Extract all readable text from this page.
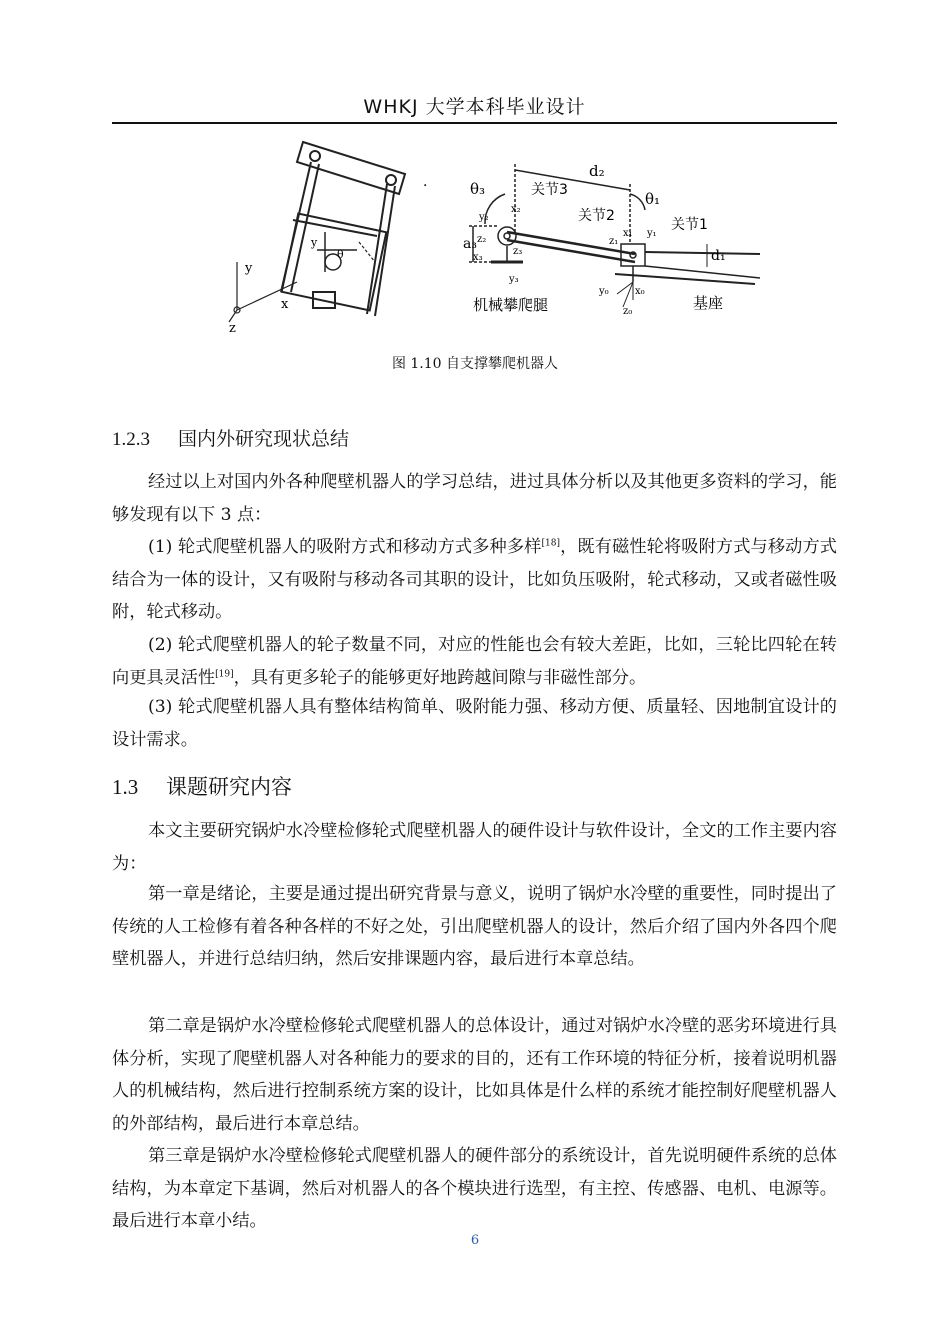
WHKJ 大学本科毕业设计
y
x
z
y
θ
·	θ₃
d₂
θ₁
关节3
关节2
关节1
y₂
x₂
z₂
z₃
x₃
y₃
a₃
x₁ y₁
z₁
d₁
y₀	x₀
z₀
机械攀爬腿	基座
图 1.10 自支撑攀爬机器人
1.2.3 国内外研究现状总结

经过以上对国内外各种爬壁机器人的学习总结，进过具体分析以及其他更多资料的学习，能够发现有以下 3 点：

(1) 轮式爬壁机器人的吸附方式和移动方式多种多样[18]，既有磁性轮将吸附方式与移动方式结合为一体的设计，又有吸附与移动各司其职的设计，比如负压吸附，轮式移动，又或者磁性吸附，轮式移动。

(2) 轮式爬壁机器人的轮子数量不同，对应的性能也会有较大差距，比如，三轮比四轮在转向更具灵活性[19]，具有更多轮子的能够更好地跨越间隙与非磁性部分。

(3) 轮式爬壁机器人具有整体结构简单、吸附能力强、移动方便、质量轻、因地制宜设计的设计需求。

1.3 课题研究内容

本文主要研究锅炉水冷壁检修轮式爬壁机器人的硬件设计与软件设计，全文的工作主要内容为：

第一章是绪论，主要是通过提出研究背景与意义，说明了锅炉水冷壁的重要性，同时提出了传统的人工检修有着各种各样的不好之处，引出爬壁机器人的设计，然后介绍了国内外各四个爬壁机器人，并进行总结归纳，然后安排课题内容，最后进行本章总结。

第二章是锅炉水冷壁检修轮式爬壁机器人的总体设计，通过对锅炉水冷壁的恶劣环境进行具体分析，实现了爬壁机器人对各种能力的要求的目的，还有工作环境的特征分析，接着说明机器人的机械结构，然后进行控制系统方案的设计，比如具体是什么样的系统才能控制好爬壁机器人的外部结构，最后进行本章总结。

第三章是锅炉水冷壁检修轮式爬壁机器人的硬件部分的系统设计，首先说明硬件系统的总体结构，为本章定下基调，然后对机器人的各个模块进行选型，有主控、传感器、电机、电源等。最后进行本章小结。

6
